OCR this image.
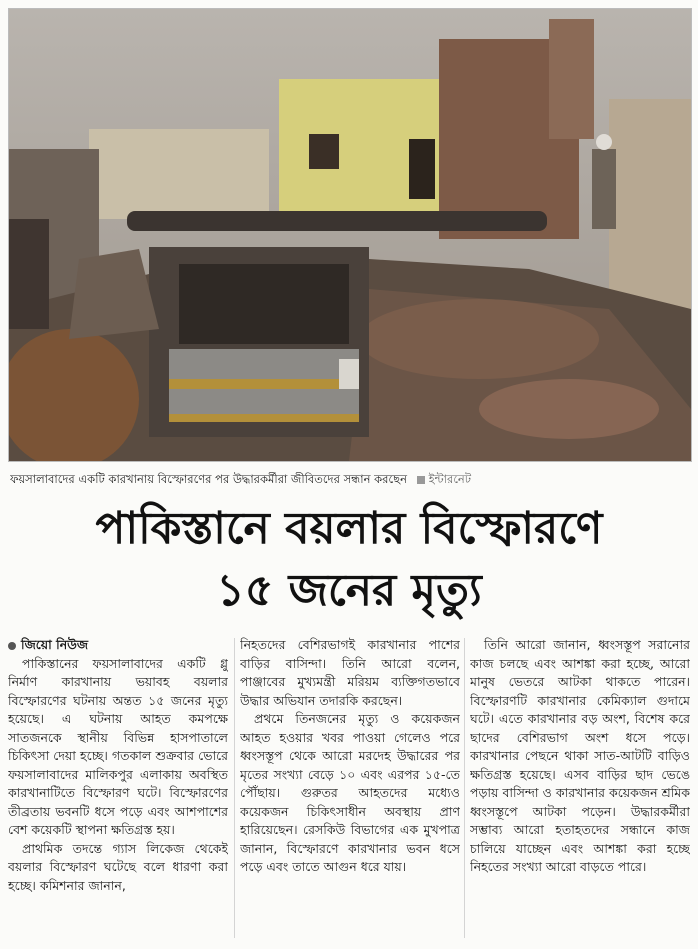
ফয়সালাবাদের একটি কারখানায় বিস্ফোরণের পর উদ্ধারকর্মীরা জীবিতদের সন্ধান করছেন ইন্টারনেট
পাকিস্তানে বয়লার বিস্ফোরণে
১৫ জনের মৃত্যু

জিয়ো নিউজ

পাকিস্তানের ফয়সালাবাদের একটি গ্লু নির্মাণ কারখানায় ভয়াবহ বয়লার বিস্ফোরণের ঘটনায় অন্তত ১৫ জনের মৃত্যু হয়েছে। এ ঘটনায় আহত কমপক্ষে সাতজনকে স্থানীয় বিভিন্ন হাসপাতালে চিকিৎসা দেয়া হচ্ছে। গতকাল শুক্রবার ভোরে ফয়সালাবাদের মালিকপুর এলাকায় অবস্থিত কারখানাটিতে বিস্ফোরণ ঘটে। বিস্ফোরণের তীব্রতায় ভবনটি ধসে পড়ে এবং আশপাশের বেশ কয়েকটি স্থাপনা ক্ষতিগ্রস্ত হয়।

প্রাথমিক তদন্তে গ্যাস লিকেজ থেকেই বয়লার বিস্ফোরণ ঘটেছে বলে ধারণা করা হচ্ছে। কমিশনার জানান,

নিহতদের বেশিরভাগই কারখানার পাশের বাড়ির বাসিন্দা। তিনি আরো বলেন, পাঞ্জাবের মুখ্যমন্ত্রী মরিয়ম ব্যক্তিগতভাবে উদ্ধার অভিযান তদারকি করছেন।

প্রথমে তিনজনের মৃত্যু ও কয়েকজন আহত হওয়ার খবর পাওয়া গেলেও পরে ধ্বংসস্তূপ থেকে আরো মরদেহ উদ্ধারের পর মৃতের সংখ্যা বেড়ে ১০ এবং এরপর ১৫-তে পৌঁছায়। গুরুতর আহতদের মধ্যেও কয়েকজন চিকিৎসাধীন অবস্থায় প্রাণ হারিয়েছেন। রেসকিউ বিভাগের এক মুখপাত্র জানান, বিস্ফোরণে কারখানার ভবন ধসে পড়ে এবং তাতে আগুন ধরে যায়।

তিনি আরো জানান, ধ্বংসস্তূপ সরানোর কাজ চলছে এবং আশঙ্কা করা হচ্ছে, আরো মানুষ ভেতরে আটকা থাকতে পারেন। বিস্ফোরণটি কারখানার কেমিক্যাল গুদামে ঘটে। এতে কারখানার বড় অংশ, বিশেষ করে ছাদের বেশিরভাগ অংশ ধসে পড়ে। কারখানার পেছনে থাকা সাত-আটটি বাড়িও ক্ষতিগ্রস্ত হয়েছে। এসব বাড়ির ছাদ ভেঙে পড়ায় বাসিন্দা ও কারখানার কয়েকজন শ্রমিক ধ্বংসস্তূপে আটকা পড়েন। উদ্ধারকর্মীরা সম্ভাব্য আরো হতাহতদের সন্ধানে কাজ চালিয়ে যাচ্ছেন এবং আশঙ্কা করা হচ্ছে নিহতের সংখ্যা আরো বাড়তে পারে।
